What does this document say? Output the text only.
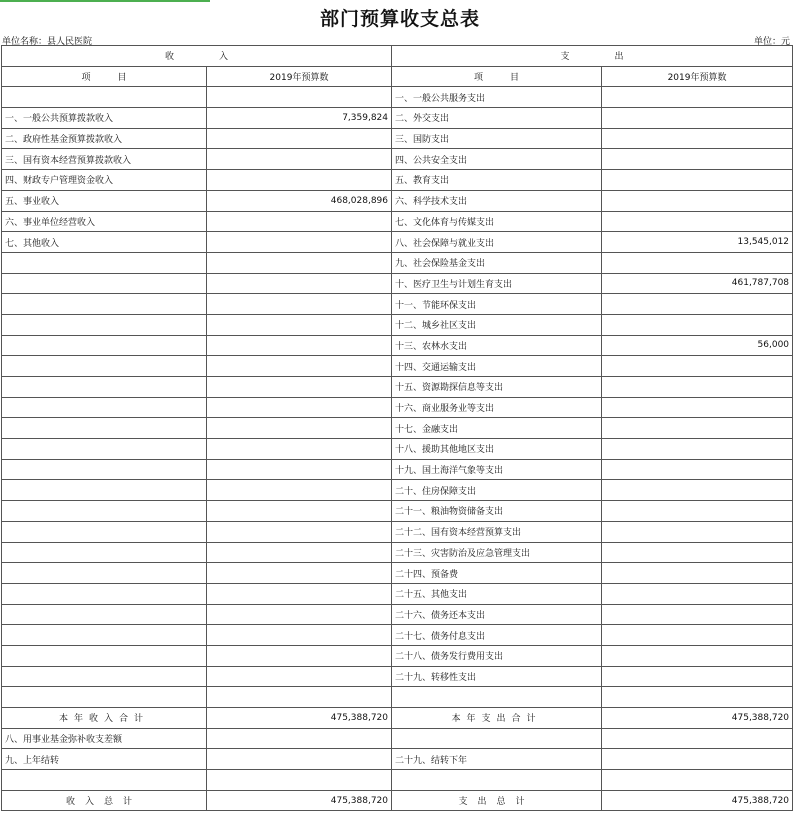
部门预算收支总表
单位名称：县人民医院	单位：元
收　　　　　入		支　　　　　出	
项　　　目	2019年预算数	项　　　目	2019年预算数
		一、一般公共服务支出	
一、一般公共预算拨款收入	7,359,824	二、外交支出	
二、政府性基金预算拨款收入		三、国防支出	
三、国有资本经营预算拨款收入		四、公共安全支出	
四、财政专户管理资金收入		五、教育支出	
五、事业收入	468,028,896	六、科学技术支出	
六、事业单位经营收入		七、文化体育与传媒支出	
七、其他收入		八、社会保障与就业支出	13,545,012
		九、社会保险基金支出	
		十、医疗卫生与计划生育支出	461,787,708
		十一、节能环保支出	
		十二、城乡社区支出	
		十三、农林水支出	56,000
		十四、交通运输支出	
		十五、资源勘探信息等支出	
		十六、商业服务业等支出	
		十七、金融支出	
		十八、援助其他地区支出	
		十九、国土海洋气象等支出	
		二十、住房保障支出	
		二十一、粮油物资储备支出	
		二十二、国有资本经营预算支出	
		二十三、灾害防治及应急管理支出	
		二十四、预备费	
		二十五、其他支出	
		二十六、债务还本支出	
		二十七、债务付息支出	
		二十八、债务发行费用支出	
		二十九、转移性支出	

本年收入合计	475,388,720	本年支出合计	475,388,720
八、用事业基金弥补收支差额			
九、上年结转		二十九、结转下年	

收入总计	475,388,720	支出总计	475,388,720
